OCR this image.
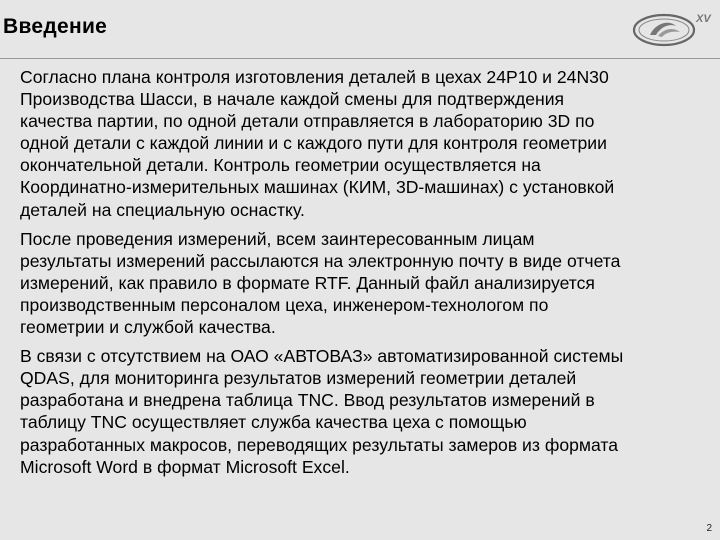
Введение	XV

Согласно плана контроля изготовления деталей в цехах 24Р10 и 24N30
Производства Шасси, в начале каждой смены для подтверждения
качества партии, по одной детали отправляется в лабораторию 3D по
одной детали с каждой линии и с каждого пути для контроля геометрии
окончательной детали. Контроль геометрии осуществляется на
Координатно-измерительных машинах (КИМ, 3D-машинах) с установкой
деталей на специальную оснастку.

После проведения измерений, всем заинтересованным лицам
результаты измерений рассылаются на электронную почту в виде отчета
измерений, как правило в формате RTF. Данный файл анализируется
производственным персоналом цеха, инженером-технологом по
геометрии и службой качества.

В связи с отсутствием на ОАО «АВТОВАЗ» автоматизированной системы
QDAS, для мониторинга результатов измерений геометрии деталей
разработана и внедрена таблица TNC. Ввод результатов измерений в
таблицу TNC осуществляет служба качества цеха с помощью
разработанных макросов, переводящих результаты замеров из формата
Microsoft Word в формат Microsoft Excel.

2
